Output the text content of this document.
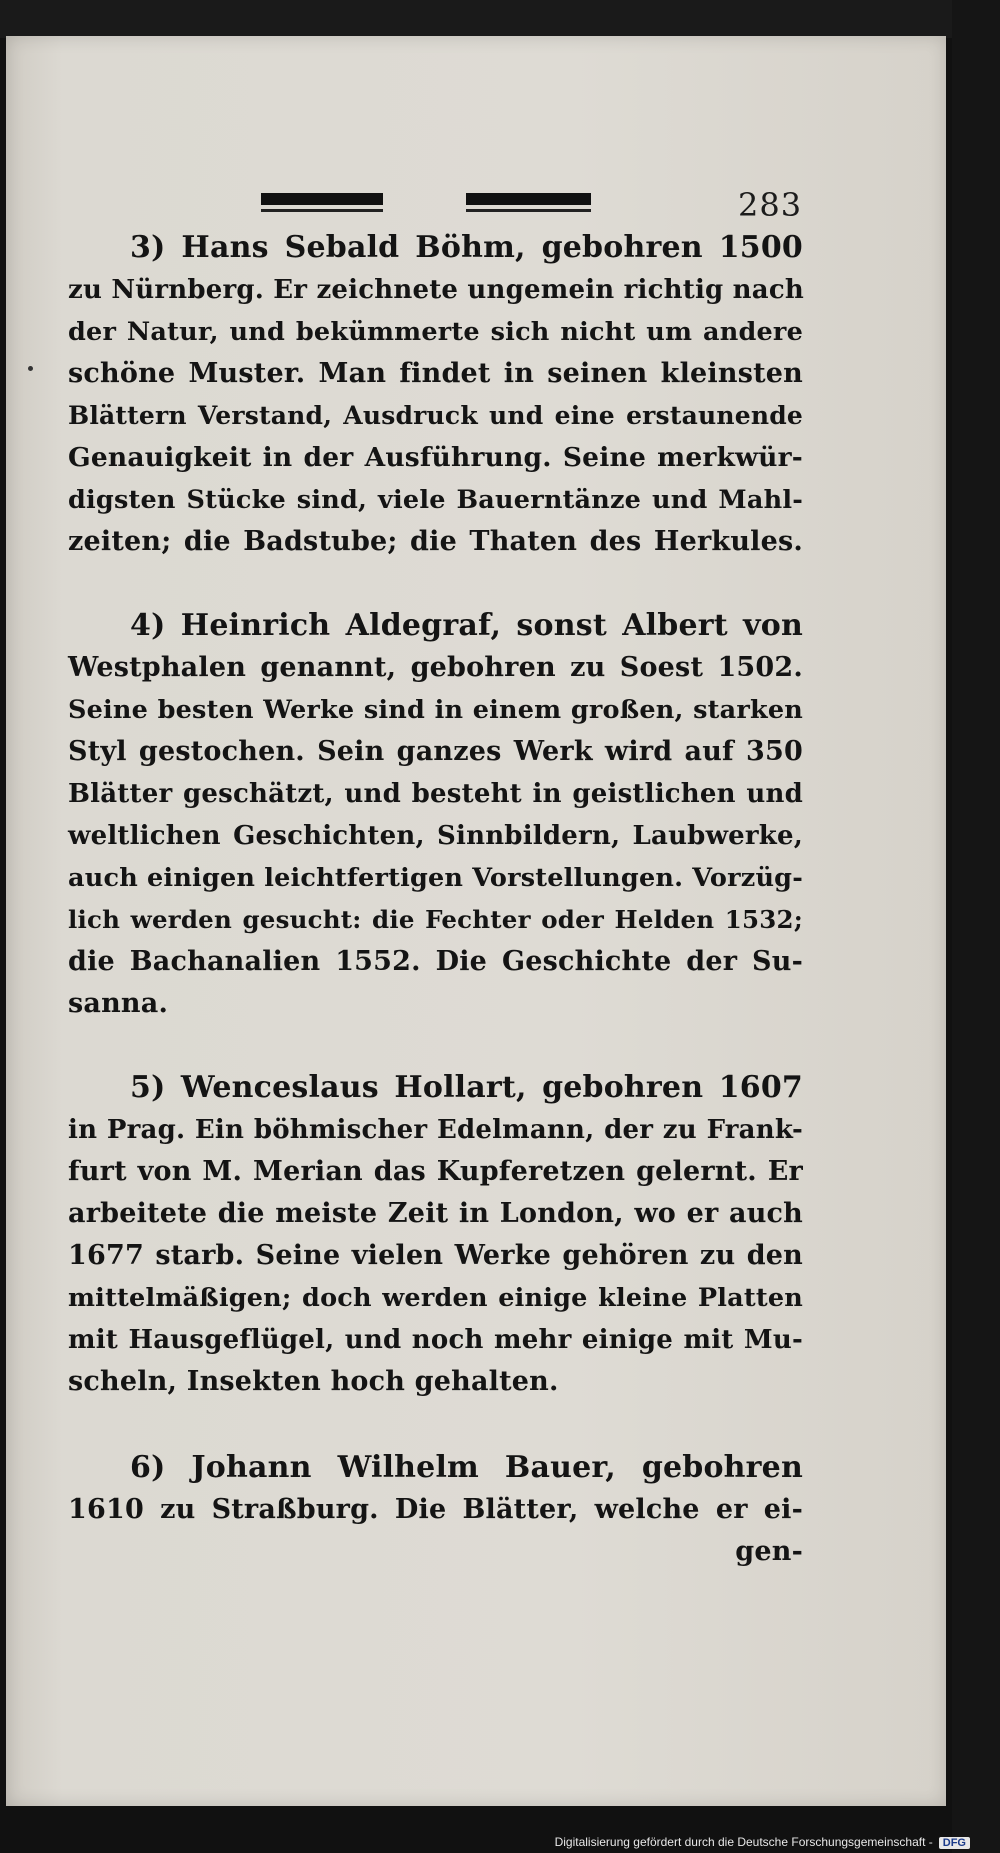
283
3) Hans Sebald Böhm, gebohren 1500
zu Nürnberg. Er zeichnete ungemein richtig nach
der Natur, und bekümmerte sich nicht um andere
schöne Muster. Man findet in seinen kleinsten
Blättern Verstand, Ausdruck und eine erstaunende
Genauigkeit in der Ausführung. Seine merkwür-
digsten Stücke sind, viele Bauerntänze und Mahl-
zeiten; die Badstube; die Thaten des Herkules.
4) Heinrich Aldegraf, sonst Albert von
Westphalen genannt, gebohren zu Soest 1502.
Seine besten Werke sind in einem großen, starken
Styl gestochen. Sein ganzes Werk wird auf 350
Blätter geschätzt, und besteht in geistlichen und
weltlichen Geschichten, Sinnbildern, Laubwerke,
auch einigen leichtfertigen Vorstellungen. Vorzüg-
lich werden gesucht: die Fechter oder Helden 1532;
die Bachanalien 1552. Die Geschichte der Su-
sanna.
5) Wenceslaus Hollart, gebohren 1607
in Prag. Ein böhmischer Edelmann, der zu Frank-
furt von M. Merian das Kupferetzen gelernt. Er
arbeitete die meiste Zeit in London, wo er auch
1677 starb. Seine vielen Werke gehören zu den
mittelmäßigen; doch werden einige kleine Platten
mit Hausgeflügel, und noch mehr einige mit Mu-
scheln, Insekten hoch gehalten.
6) Johann Wilhelm Bauer, gebohren
1610 zu Straßburg. Die Blätter, welche er ei-
gen-
Digitalisierung gefördert durch die Deutsche Forschungsgemeinschaft - DFG
